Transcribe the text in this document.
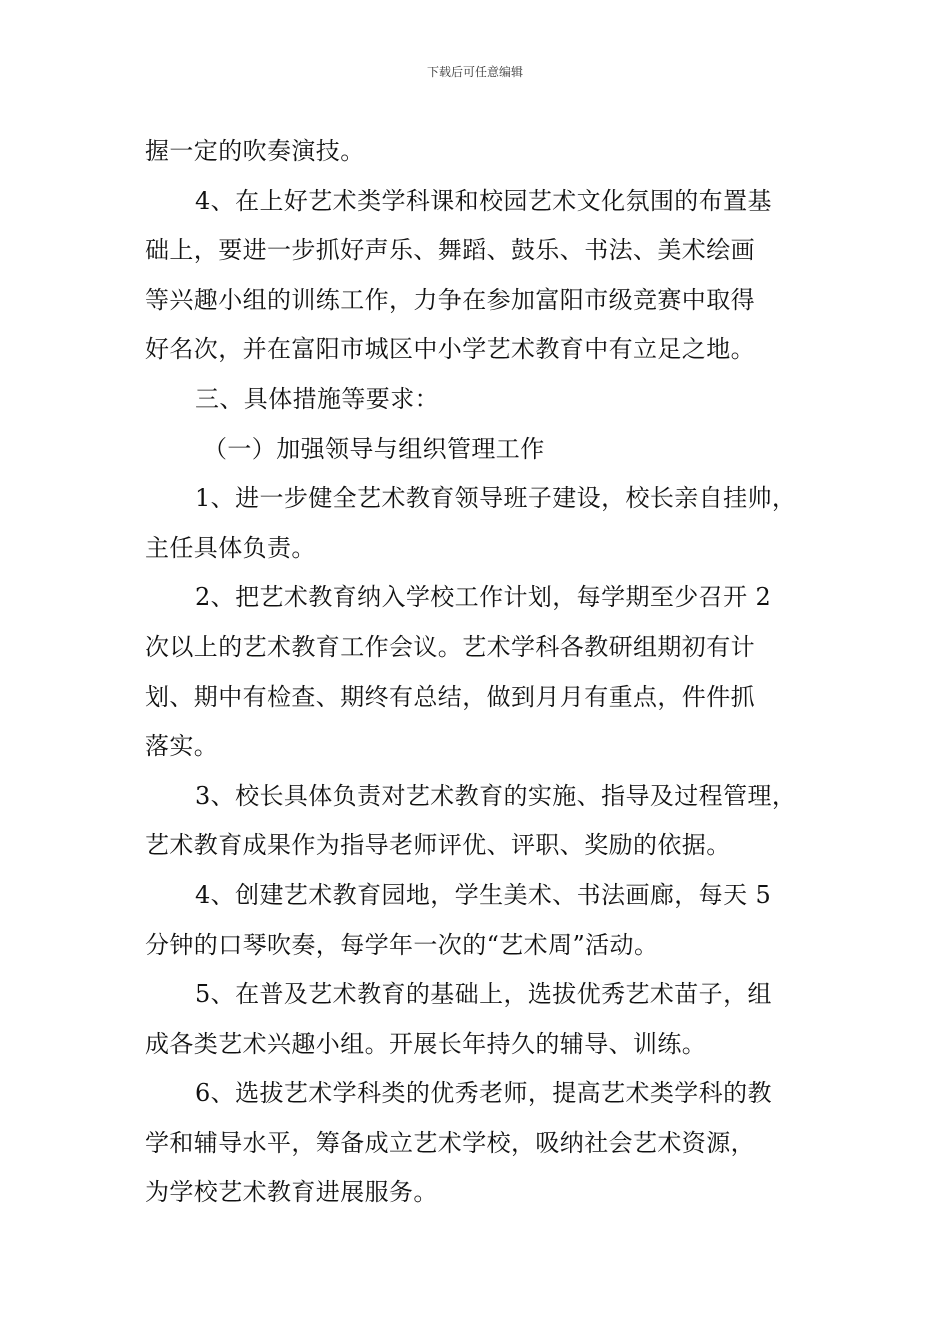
下载后可任意编辑
握一定的吹奏演技。
4、在上好艺术类学科课和校园艺术文化氛围的布置基
础上，要进一步抓好声乐、舞蹈、鼓乐、书法、美术绘画
等兴趣小组的训练工作，力争在参加富阳市级竞赛中取得
好名次，并在富阳市城区中小学艺术教育中有立足之地。
三、具体措施等要求：
（一）加强领导与组织管理工作
1、进一步健全艺术教育领导班子建设，校长亲自挂帅，
主任具体负责。
2、把艺术教育纳入学校工作计划，每学期至少召开 2
次以上的艺术教育工作会议。艺术学科各教研组期初有计
划、期中有检查、期终有总结，做到月月有重点，件件抓
落实。
3、校长具体负责对艺术教育的实施、指导及过程管理，
艺术教育成果作为指导老师评优、评职、奖励的依据。
4、创建艺术教育园地，学生美术、书法画廊，每天 5
分钟的口琴吹奏，每学年一次的“艺术周”活动。
5、在普及艺术教育的基础上，选拔优秀艺术苗子，组
成各类艺术兴趣小组。开展长年持久的辅导、训练。
6、选拔艺术学科类的优秀老师，提高艺术类学科的教
学和辅导水平，筹备成立艺术学校，吸纳社会艺术资源，
为学校艺术教育进展服务。
